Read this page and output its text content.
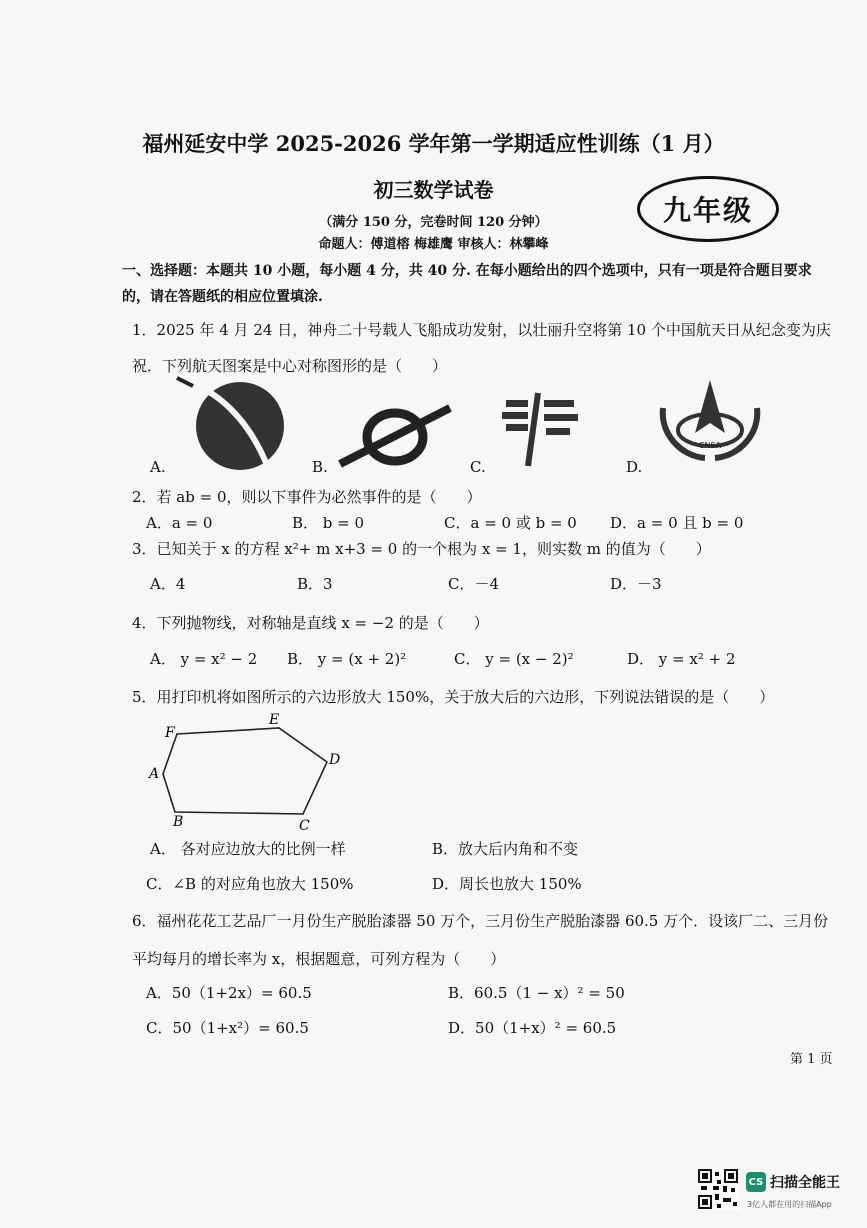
福州延安中学 2025-2026 学年第一学期适应性训练（1 月）
初三数学试卷
九年级
（满分 150 分，完卷时间 120 分钟）
命题人：傅道榕 梅雄鹰 审核人：林攀峰
一、选择题：本题共 10 小题，每小题 4 分，共 40 分. 在每小题给出的四个选项中，只有一项是符合题目要求的，请在答题纸的相应位置填涂.
1．2025 年 4 月 24 日，神舟二十号载人飞船成功发射，以壮丽升空将第 10 个中国航天日从纪念变为庆祝．下列航天图案是中心对称图形的是（　　）
A.	B.	C.
CNSA
D.
2．若 ab = 0，则以下事件为必然事件的是（　　）
A．a = 0	B． b = 0	C．a = 0 或 b = 0 D．a = 0 且 b = 0
3．已知关于 x 的方程 x²+ m x+3 = 0 的一个根为 x = 1，则实数 m 的值为（　　）
A．4	B．3	C．－4	D．－3
4．下列抛物线，对称轴是直线 x = −2 的是（　　）
A． y = x² − 2 B． y = (x + 2)²	C． y = (x − 2)²	D． y = x² + 2
5．用打印机将如图所示的六边形放大 150%，关于放大后的六边形，下列说法错误的是（　　）
F
E
D
C
B
A
A． 各对应边放大的比例一样	B．放大后内角和不变
C．∠B 的对应角也放大 150%	D．周长也放大 150%
6．福州花花工艺品厂一月份生产脱胎漆器 50 万个，三月份生产脱胎漆器 60.5 万个．设该厂二、三月份平均每月的增长率为 x，根据题意，可列方程为（　　）
A．50（1+2x）= 60.5	B．60.5（1 − x）² = 50
C．50（1+x²）= 60.5	D．50（1+x）² = 60.5
第 1 页
CS 扫描全能王
3亿人都在用的扫描App
